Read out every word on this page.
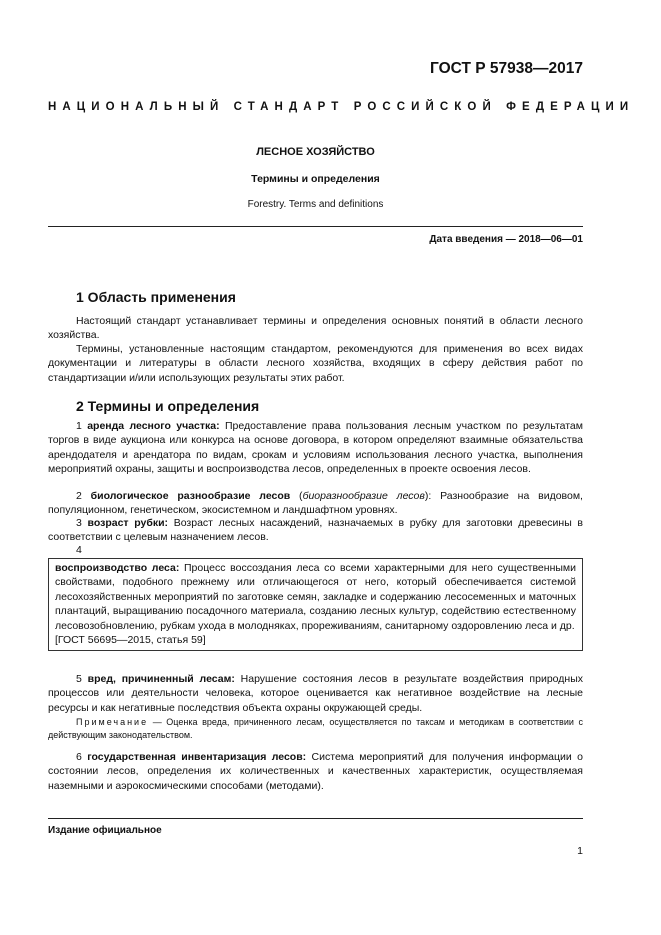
ГОСТ Р 57938—2017
НАЦИОНАЛЬНЫЙ СТАНДАРТ РОССИЙСКОЙ ФЕДЕРАЦИИ
ЛЕСНОЕ ХОЗЯЙСТВО
Термины и определения
Forestry. Terms and definitions
Дата введения — 2018—06—01
1 Область применения
Настоящий стандарт устанавливает термины и определения основных понятий в области лесного хозяйства.
Термины, установленные настоящим стандартом, рекомендуются для применения во всех видах документации и литературы в области лесного хозяйства, входящих в сферу действия работ по стандартизации и/или использующих результаты этих работ.
2 Термины и определения
1 аренда лесного участка: Предоставление права пользования лесным участком по результатам торгов в виде аукциона или конкурса на основе договора, в котором определяют взаимные обязательства арендодателя и арендатора по видам, срокам и условиям использования лесного участка, выполнения мероприятий охраны, защиты и воспроизводства лесов, определенных в проекте освоения лесов.
2 биологическое разнообразие лесов (биоразнообразие лесов): Разнообразие на видовом, популяционном, генетическом, экосистемном и ландшафтном уровнях.
3 возраст рубки: Возраст лесных насаждений, назначаемых в рубку для заготовки древесины в соответствии с целевым назначением лесов.
4
воспроизводство леса: Процесс воссоздания леса со всеми характерными для него существенными свойствами, подобного прежнему или отличающегося от него, который обеспечивается системой лесохозяйственных мероприятий по заготовке семян, закладке и содержанию лесосеменных и маточных плантаций, выращиванию посадочного материала, созданию лесных культур, содействию естественному лесовозобновлению, рубкам ухода в молодняках, прореживаниям, санитарному оздоровлению леса и др.
[ГОСТ 56695—2015, статья 59]
5 вред, причиненный лесам: Нарушение состояния лесов в результате воздействия природных процессов или деятельности человека, которое оценивается как негативное воздействие на лесные ресурсы и как негативные последствия объекта охраны окружающей среды.
Примечание — Оценка вреда, причиненного лесам, осуществляется по таксам и методикам в соответствии с действующим законодательством.
6 государственная инвентаризация лесов: Система мероприятий для получения информации о состоянии лесов, определения их количественных и качественных характеристик, осуществляемая наземными и аэрокосмическими способами (методами).
Издание официальное
1
